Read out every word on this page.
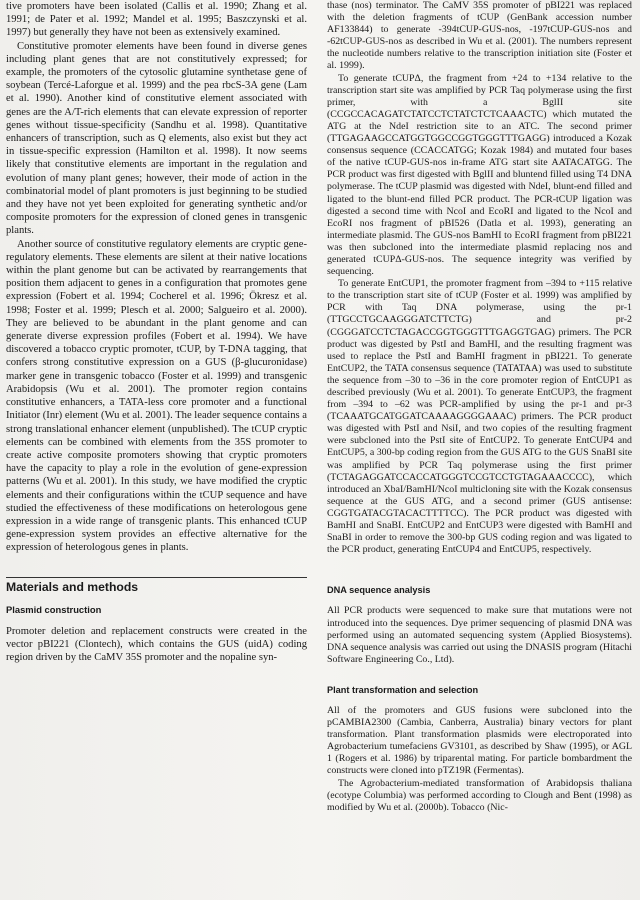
tive promoters have been isolated (Callis et al. 1990; Zhang et al. 1991; de Pater et al. 1992; Mandel et al. 1995; Baszczynski et al. 1997) but generally they have not been as extensively examined.

Constitutive promoter elements have been found in diverse genes including plant genes that are not constitutively expressed; for example, the promoters of the cytosolic glutamine synthetase gene of soybean (Tercé-Laforgue et al. 1999) and the pea rbcS-3A gene (Lam et al. 1990). Another kind of constitutive element associated with genes are the A/T-rich elements that can elevate expression of reporter genes without tissue-specificity (Sandhu et al. 1998). Quantitative enhancers of transcription, such as Q elements, also exist but they act in tissue-specific expression (Hamilton et al. 1998). It now seems likely that constitutive elements are important in the regulation and evolution of many plant genes; however, their mode of action in the combinatorial model of plant promoters is just beginning to be studied and they have not yet been exploited for generating synthetic and/or composite promoters for the expression of cloned genes in transgenic plants.

Another source of constitutive regulatory elements are cryptic gene-regulatory elements. These elements are silent at their native locations within the plant genome but can be activated by rearrangements that position them adjacent to genes in a configuration that promotes gene expression (Fobert et al. 1994; Cocherel et al. 1996; Ökresz et al. 1998; Foster et al. 1999; Plesch et al. 2000; Salgueiro et al. 2000). They are believed to be abundant in the plant genome and can generate diverse expression profiles (Fobert et al. 1994). We have discovered a tobacco cryptic promoter, tCUP, by T-DNA tagging, that confers strong constitutive expression on a GUS (β-glucuronidase) marker gene in transgenic tobacco (Foster et al. 1999) and transgenic Arabidopsis (Wu et al. 2001). The promoter region contains constitutive enhancers, a TATA-less core promoter and a functional Initiator (Inr) element (Wu et al. 2001). The leader sequence contains a strong translational enhancer element (unpublished). The tCUP cryptic elements can be combined with elements from the 35S promoter to create active composite promoters showing that cryptic promoters have the capacity to play a role in the evolution of gene-expression patterns (Wu et al. 2001). In this study, we have modified the cryptic elements and their configurations within the tCUP sequence and have studied the effectiveness of these modifications on heterologous gene expression in a wide range of transgenic plants. This enhanced tCUP gene-expression system provides an effective alternative for the expression of heterologous genes in plants.

Materials and methods
Plasmid construction

Promoter deletion and replacement constructs were created in the vector pBI221 (Clontech), which contains the GUS (uidA) coding region driven by the CaMV 35S promoter and the nopaline syn-

thase (nos) terminator. The CaMV 35S promoter of pBI221 was replaced with the deletion fragments of tCUP (GenBank accession number AF133844) to generate -394tCUP-GUS-nos, -197tCUP-GUS-nos and -62tCUP-GUS-nos as described in Wu et al. (2001). The numbers represent the nucleotide numbers relative to the transcription initiation site (Foster et al. 1999).

To generate tCUPΔ, the fragment from +24 to +134 relative to the transcription start site was amplified by PCR Taq polymerase using the first primer, with a BglII site (CCGCCACAGATCTATCCTCTATCTCTCAAACTC) which mutated the ATG at the NdeI restriction site to an ATC. The second primer (TTGAGAAGCCATGGTGGCCGGTGGGTTTGAGG) introduced a Kozak consensus sequence (CCACCATGG; Kozak 1984) and mutated four bases of the native tCUP-GUS-nos in-frame ATG start site AATACATGG. The PCR product was first digested with BglII and bluntend filled using T4 DNA polymerase. The tCUP plasmid was digested with NdeI, blunt-end filled and ligated to the blunt-end filled PCR product. The PCR-tCUP ligation was digested a second time with NcoI and EcoRI and ligated to the NcoI and EcoRI nos fragment of pBI526 (Datla et al. 1993), generating an intermediate plasmid. The GUS-nos BamHI to EcoRI fragment from pBI221 was then subcloned into the intermediate plasmid replacing nos and generated tCUPΔ-GUS-nos. The sequence integrity was verified by sequencing.

To generate EntCUP1, the promoter fragment from –394 to +115 relative to the transcription start site of tCUP (Foster et al. 1999) was amplified by PCR with Taq DNA polymerase, using the pr-1 (TTGCCTGCAAGGGATCTTCTG) and pr-2 (CGGGATCCTCTAGACCGGTGGGTTTGAGGTGAG) primers. The PCR product was digested by PstI and BamHI, and the resulting fragment was used to replace the PstI and BamHI fragment in pBI221. To generate EntCUP2, the TATA consensus sequence (TATATAA) was used to substitute the sequence from –30 to –36 in the core promoter region of EntCUP1 as described previously (Wu et al. 2001). To generate EntCUP3, the fragment from –394 to –62 was PCR-amplified by using the pr-1 and pr-3 (TCAAATGCATGGATCAAAAGGGGAAAC) primers. The PCR product was digested with PstI and NsiI, and two copies of the resulting fragment were subcloned into the PstI site of EntCUP2. To generate EntCUP4 and EntCUP5, a 300-bp coding region from the GUS ATG to the GUS SnaBI site was amplified by PCR Taq polymerase using the first primer (TCTAGAGGATCCACCATGGGTCCGTCCTGTAGAAACCCC), which introduced an XbaI/BamHI/NcoI multicloning site with the Kozak consensus sequence at the GUS ATG, and a second primer (GUS antisense: CGGTGATACGTACACTTTTCC). The PCR product was digested with BamHI and SnaBI. EntCUP2 and EntCUP3 were digested with BamHI and SnaBI in order to remove the 300-bp GUS coding region and was ligated to the PCR product, generating EntCUP4 and EntCUP5, respectively.

DNA sequence analysis

All PCR products were sequenced to make sure that mutations were not introduced into the sequences. Dye primer sequencing of plasmid DNA was performed using an automated sequencing system (Applied Biosystems). DNA sequence analysis was carried out using the DNASIS program (Hitachi Software Engineering Co., Ltd).

Plant transformation and selection

All of the promoters and GUS fusions were subcloned into the pCAMBIA2300 (Cambia, Canberra, Australia) binary vectors for plant transformation. Plant transformation plasmids were electroporated into Agrobacterium tumefaciens GV3101, as described by Shaw (1995), or AGL 1 (Rogers et al. 1986) by triparental mating. For particle bombardment the constructs were cloned into pTZ19R (Fermentas).

The Agrobacterium-mediated transformation of Arabidopsis thaliana (ecotype Columbia) was performed according to Clough and Bent (1998) as modified by Wu et al. (2000b). Tobacco (Nic-
